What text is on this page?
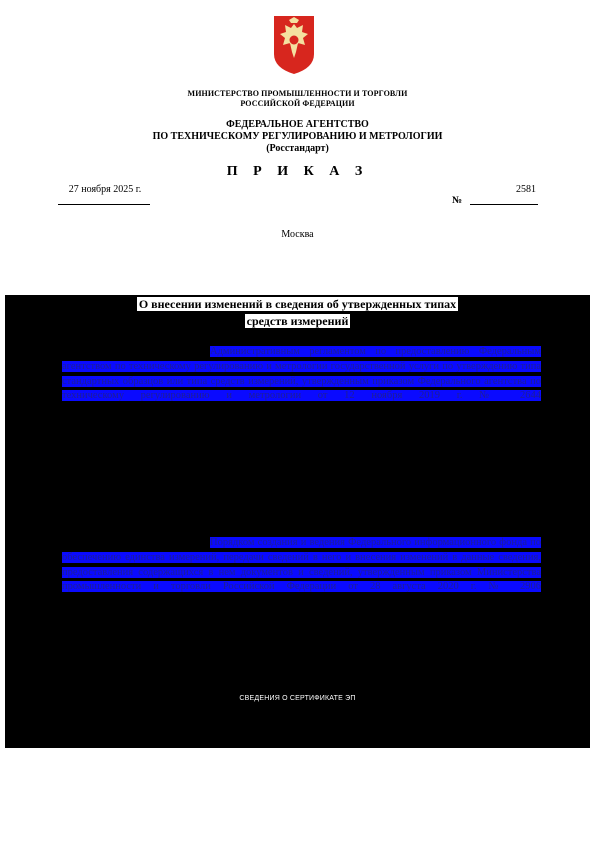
МИНИСТЕРСТВО ПРОМЫШЛЕННОСТИ И ТОРГОВЛИ
РОССИЙСКОЙ ФЕДЕРАЦИИ
ФЕДЕРАЛЬНОЕ АГЕНТСТВО
ПО ТЕХНИЧЕСКОМУ РЕГУЛИРОВАНИЮ И МЕТРОЛОГИИ
(Росстандарт)
П Р И К А З
27 ноября 2025 г.
№
2581
Москва
О внесении изменений в сведения об утвержденных типах
средств измерений
Административным регламентом по предоставлению Федеральным агентством по техническому регулированию и метрологии государственной услуги по утверждению типа стандартных образцов или типа средств измерений, утвержденным приказом Федерального агентства по техническому регулированию и метрологии от 12 ноября 2019 г. № 2644
Порядком создания и ведения Федерального информационного фонда по обеспечению единства измерений, передачи сведений в него и внесения изменений в данные сведения, предоставления содержащихся в нем документов и сведений, утвержденным приказом Министерства промышленности и торговли Российской Федерации от 28 августа 2020 г. № 2906
СВЕДЕНИЯ О СЕРТИФИКАТЕ ЭП
